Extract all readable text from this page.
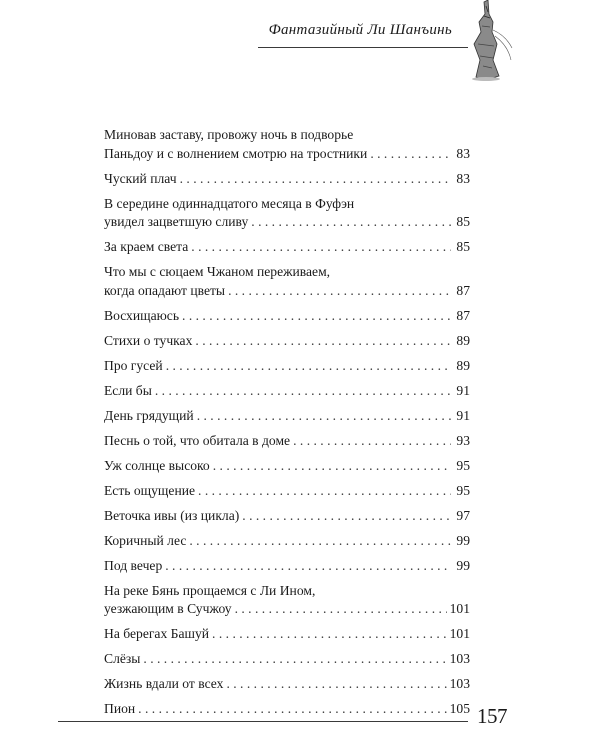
Фантазийный Ли Шанъинь
Миновав заставу, провожу ночь в подворье
Паньдоу и с волнением смотрю на тростники . . .	83
Чуский плач . . .	83
В середине одиннадцатого месяца в Фуфэн
увидел зацветшую сливу . . .	85
За краем света . . .	85
Что мы с сюцаем Чжаном переживаем,
когда опадают цветы . . .	87
Восхищаюсь . . .	87
Стихи о тучках . . .	89
Про гусей . . .	89
Если бы . . .	91
День грядущий . . .	91
Песнь о той, что обитала в доме . . .	93
Уж солнце высоко . . .	95
Есть ощущение . . .	95
Веточка ивы (из цикла) . . .	97
Коричный лес . . .	99
Под вечер . . .	99
На реке Бянь прощаемся с Ли Ином,
уезжающим в Сучжоу . . .	101
На берегах Башуй . . .	101
Слёзы . . .	103
Жизнь вдали от всех . . .	103
Пион . . .	105 157
